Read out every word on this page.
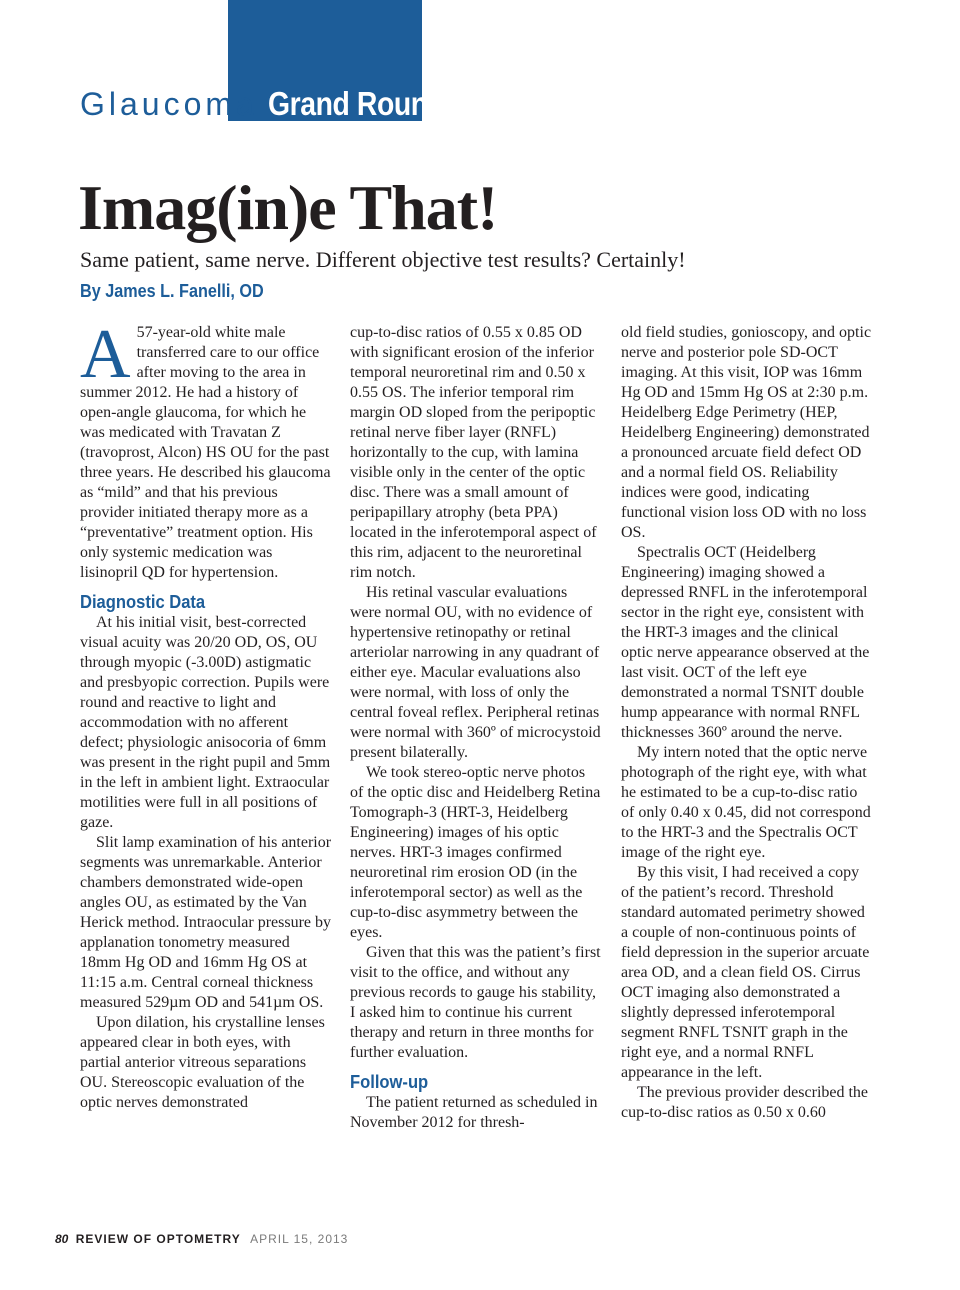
Glaucoma Grand Rounds
Imag(in)e That!
Same patient, same nerve. Different objective test results? Certainly!
By James L. Fanelli, OD

A 57-year-old white male transferred care to our office after moving to the area in summer 2012. He had a history of open-angle glaucoma, for which he was medicated with Travatan Z (travoprost, Alcon) HS OU for the past three years. He described his glaucoma as “mild” and that his previous provider initiated therapy more as a “preventative” treatment option. His only systemic medication was lisinopril QD for hypertension.

Diagnostic Data

At his initial visit, best-corrected visual acuity was 20/20 OD, OS, OU through myopic (-3.00D) astigmatic and presbyopic correction. Pupils were round and reactive to light and accommodation with no afferent defect; physiologic anisocoria of 6mm was present in the right pupil and 5mm in the left in ambient light. Extraocular motilities were full in all positions of gaze.

Slit lamp examination of his anterior segments was unremarkable. Anterior chambers demonstrated wide-open angles OU, as estimated by the Van Herick method. Intraocular pressure by applanation tonometry measured 18mm Hg OD and 16mm Hg OS at 11:15 a.m. Central corneal thickness measured 529µm OD and 541µm OS.

Upon dilation, his crystalline lenses appeared clear in both eyes, with partial anterior vitreous separations OU. Stereoscopic evaluation of the optic nerves demonstrated

cup-to-disc ratios of 0.55 x 0.85 OD with significant erosion of the inferior temporal neuroretinal rim and 0.50 x 0.55 OS. The inferior temporal rim margin OD sloped from the peripoptic retinal nerve fiber layer (RNFL) horizontally to the cup, with lamina visible only in the center of the optic disc. There was a small amount of peripapillary atrophy (beta PPA) located in the inferotemporal aspect of this rim, adjacent to the neuroretinal rim notch.

His retinal vascular evaluations were normal OU, with no evidence of hypertensive retinopathy or retinal arteriolar narrowing in any quadrant of either eye. Macular evaluations also were normal, with loss of only the central foveal reflex. Peripheral retinas were normal with 360º of microcystoid present bilaterally.

We took stereo-optic nerve photos of the optic disc and Heidelberg Retina Tomograph-3 (HRT-3, Heidelberg Engineering) images of his optic nerves. HRT-3 images confirmed neuroretinal rim erosion OD (in the inferotemporal sector) as well as the cup-to-disc asymmetry between the eyes.

Given that this was the patient’s first visit to the office, and without any previous records to gauge his stability, I asked him to continue his current therapy and return in three months for further evaluation.

Follow-up

The patient returned as scheduled in November 2012 for thresh-

old field studies, gonioscopy, and optic nerve and posterior pole SD-OCT imaging. At this visit, IOP was 16mm Hg OD and 15mm Hg OS at 2:30 p.m. Heidelberg Edge Perimetry (HEP, Heidelberg Engineering) demonstrated a pronounced arcuate field defect OD and a normal field OS. Reliability indices were good, indicating functional vision loss OD with no loss OS.

Spectralis OCT (Heidelberg Engineering) imaging showed a depressed RNFL in the inferotemporal sector in the right eye, consistent with the HRT-3 images and the clinical optic nerve appearance observed at the last visit. OCT of the left eye demonstrated a normal TSNIT double hump appearance with normal RNFL thicknesses 360º around the nerve.

My intern noted that the optic nerve photograph of the right eye, with what he estimated to be a cup-to-disc ratio of only 0.40 x 0.45, did not correspond to the HRT-3 and the Spectralis OCT image of the right eye.

By this visit, I had received a copy of the patient’s record. Threshold standard automated perimetry showed a couple of non-continuous points of field depression in the superior arcuate area OD, and a clean field OS. Cirrus OCT imaging also demonstrated a slightly depressed inferotemporal segment RNFL TSNIT graph in the right eye, and a normal RNFL appearance in the left.

The previous provider described the cup-to-disc ratios as 0.50 x 0.60

80 REVIEW OF OPTOMETRY APRIL 15, 2013
